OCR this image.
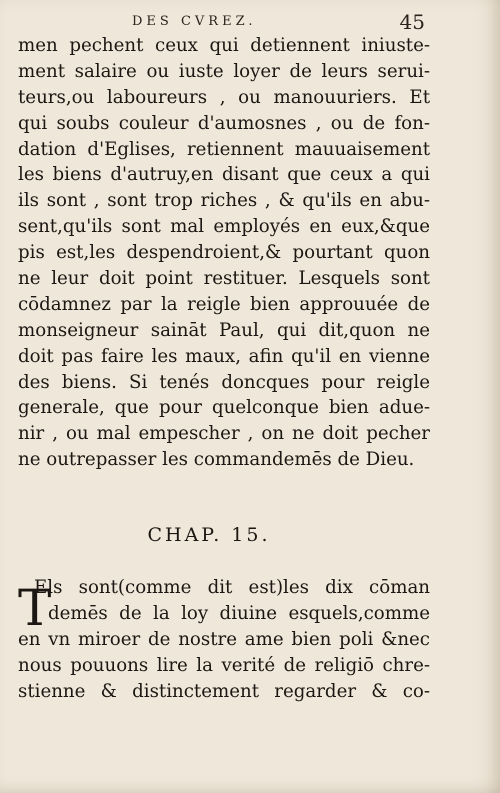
DES CVREZ.	45
men pechent ceux qui detiennent iniuste-
ment salaire ou iuste loyer de leurs serui-
teurs,ou laboureurs , ou manouuriers. Et
qui soubs couleur d'aumosnes , ou de fon-
dation d'Eglises, retiennent mauuaisement
les biens d'autruy,en disant que ceux a qui
ils sont , sont trop riches , & qu'ils en abu-
sent,qu'ils sont mal employés en eux,&que
pis est,les despendroient,& pourtant quon
ne leur doit point restituer. Lesquels sont
cōdamnez par la reigle bien approuuée de
monseigneur saināt Paul, qui dit,quon ne
doit pas faire les maux, afin qu'il en vienne
des biens. Si tenés doncques pour reigle
generale, que pour quelconque bien adue-
nir , ou mal empescher , on ne doit pecher
ne outrepasser les commandemēs de Dieu.
CHAP. 15.
T
Els sont(comme dit est)les dix cōman
demēs de la loy diuine esquels,comme
en vn miroer de nostre ame bien poli &nec
nous pouuons lire la verité de religiō chre-
stienne & distinctement regarder & co-
